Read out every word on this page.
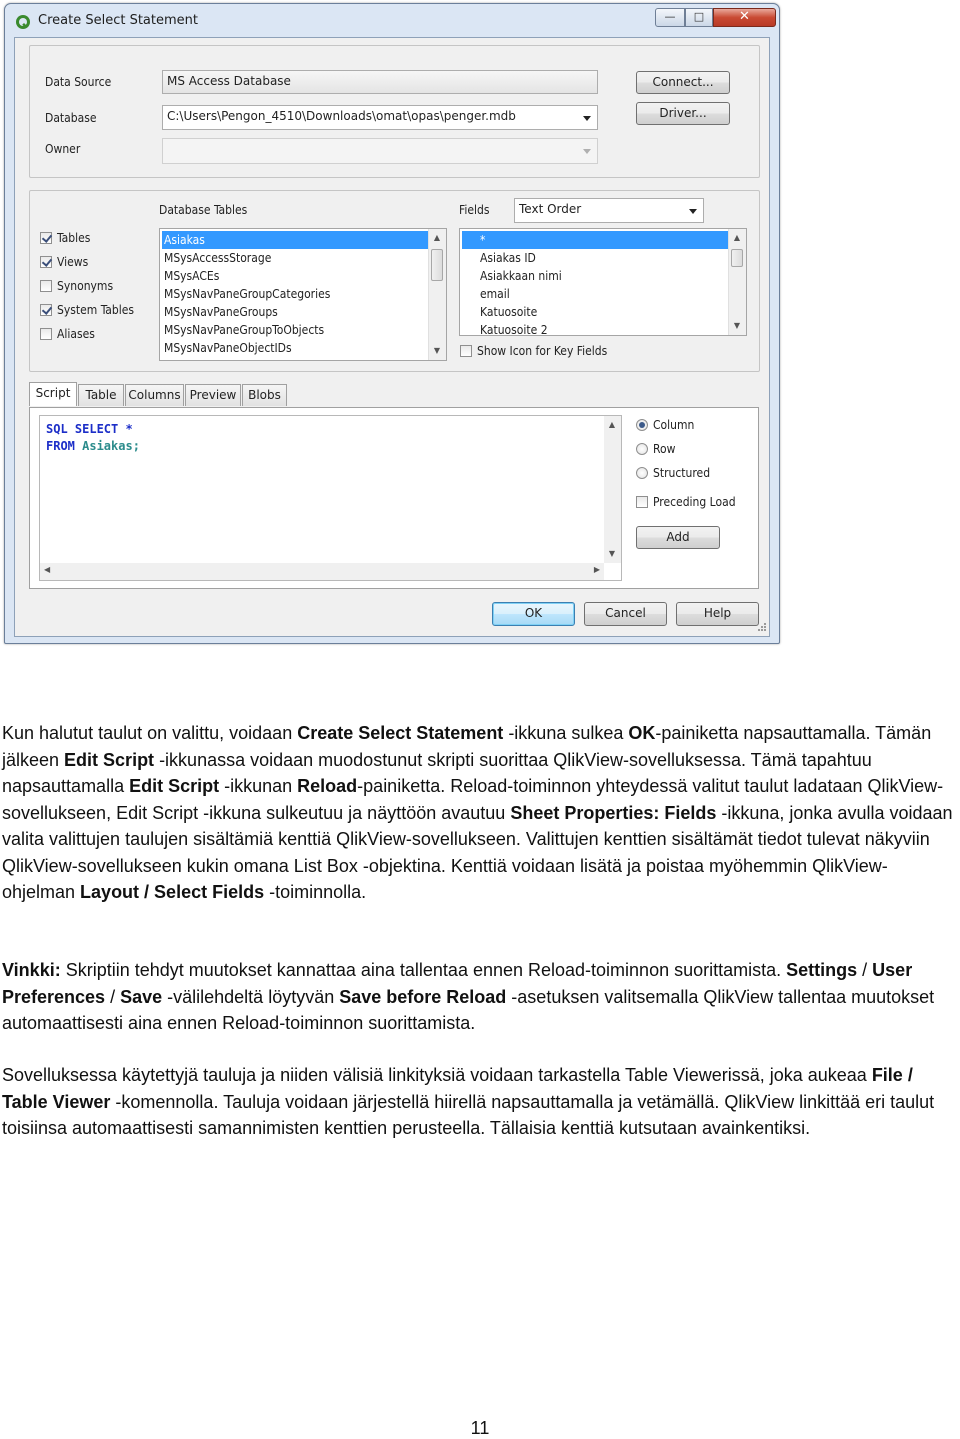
Create Select Statement	—	□	✕
Data Source	MS Access Database
Database	C:\Users\Pengon_4510\Downloads\omat\opas\penger.mdb
Owner
Connect...
Driver...
Tables
Views
Synonyms
System Tables
Aliases
Database Tables
Asiakas
MSysAccessStorage
MSysACEs
MSysNavPaneGroupCategories
MSysNavPaneGroups
MSysNavPaneGroupToObjects
MSysNavPaneObjectIDs
▲
▼
Fields	Text Order
*
Asiakas ID
Asiakkaan nimi
email
Katuosoite
Katuosoite 2
▲
▼
Show Icon for Key Fields
Script	Table Columns Preview Blobs
SQL SELECT *
FROM Asiakas;
▲
▼
◀	▶
Column
Row
Structured
Preceding Load
Add
OK	Cancel	Help
Kun halutut taulut on valittu, voidaan Create Select Statement -ikkuna sulkea OK-painiketta napsauttamalla. Tämän jälkeen Edit Script -ikkunassa voidaan muodostunut skripti suorittaa QlikView-sovelluksessa. Tämä tapahtuu napsauttamalla Edit Script -ikkunan Reload-painiketta. Reload-toiminnon yhteydessä valitut taulut ladataan QlikView-sovellukseen, Edit Script -ikkuna sulkeutuu ja näyttöön avautuu Sheet Properties: Fields -ikkuna, jonka avulla voidaan valita valittujen taulujen sisältämiä kenttiä QlikView-sovellukseen. Valittujen kenttien sisältämät tiedot tulevat näkyviin QlikView-sovellukseen kukin omana List Box -objektina. Kenttiä voidaan lisätä ja poistaa myöhemmin QlikView-ohjelman Layout / Select Fields -toiminnolla.
Vinkki: Skriptiin tehdyt muutokset kannattaa aina tallentaa ennen Reload-toiminnon suorittamista. Settings / User Preferences / Save -välilehdeltä löytyvän Save before Reload -asetuksen valitsemalla QlikView tallentaa muutokset automaattisesti aina ennen Reload-toiminnon suorittamista.
Sovelluksessa käytettyjä tauluja ja niiden välisiä linkityksiä voidaan tarkastella Table Viewerissä, joka aukeaa File / Table Viewer -komennolla. Tauluja voidaan järjestellä hiirellä napsauttamalla ja vetämällä. QlikView linkittää eri taulut toisiinsa automaattisesti samannimisten kenttien perusteella. Tällaisia kenttiä kutsutaan avainkentiksi.
11
